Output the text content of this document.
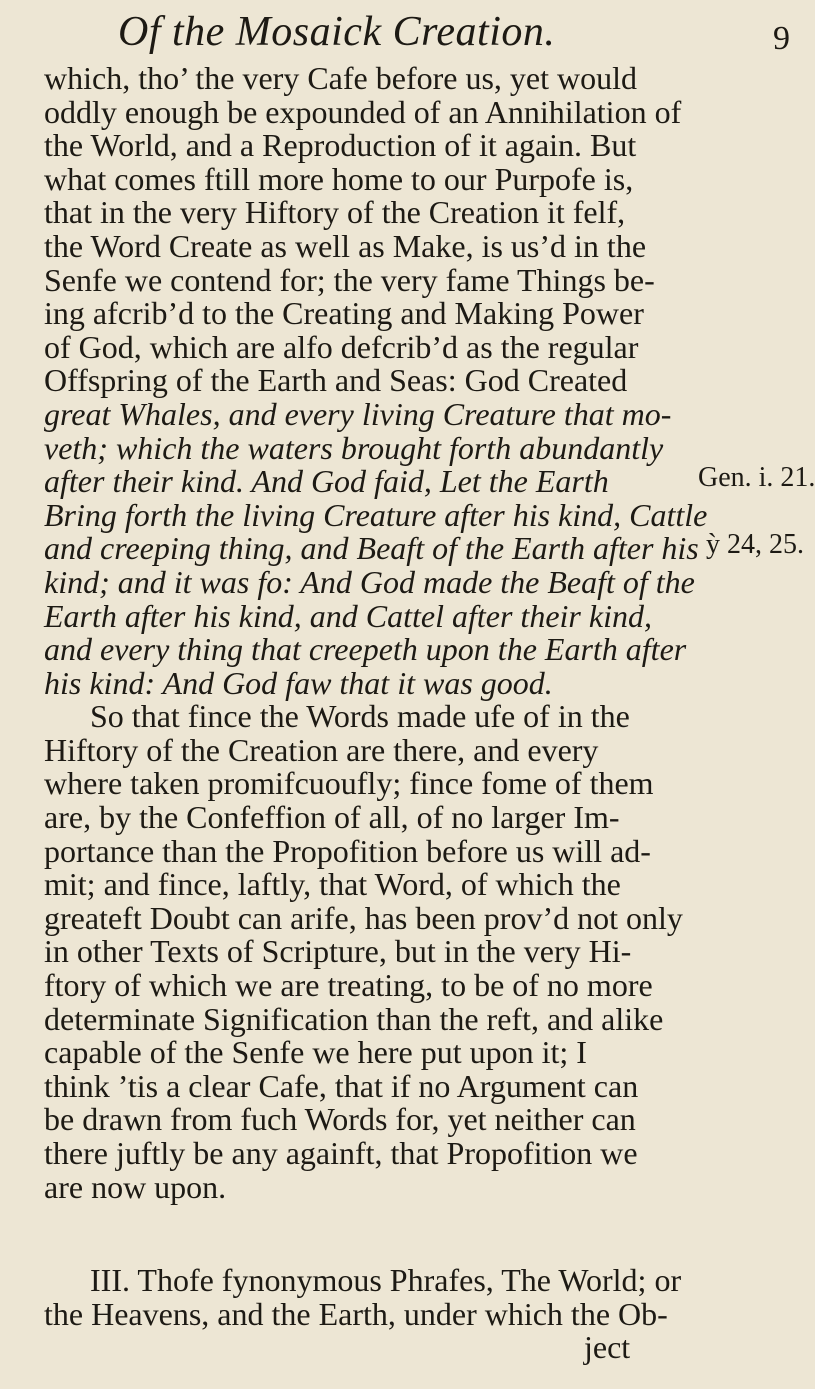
Of the Mosaick Creation.	9
which, tho’ the very Cafe before us, yet would
oddly enough be expounded of an Annihilation of
the World, and a Reproduction of it again. But
what comes ftill more home to our Purpofe is,
that in the very Hiftory of the Creation it felf,
the Word Create as well as Make, is us’d in the
Senfe we contend for; the very fame Things be-
ing afcrib’d to the Creating and Making Power
of God, which are alfo defcrib’d as the regular
Offspring of the Earth and Seas: God Created
great Whales, and every living Creature that mo-
veth; which the waters brought forth abundantly
after their kind. And God faid, Let the Earth
Bring forth the living Creature after his kind, Cattle
and creeping thing, and Beaft of the Earth after his
kind; and it was fo: And God made the Beaft of the
Earth after his kind, and Cattel after their kind,
and every thing that creepeth upon the Earth after
his kind: And God faw that it was good.
So that fince the Words made ufe of in the
Hiftory of the Creation are there, and every
where taken promifcuoufly; fince fome of them
are, by the Confeffion of all, of no larger Im-
portance than the Propofition before us will ad-
mit; and fince, laftly, that Word, of which the
greateft Doubt can arife, has been prov’d not only
in other Texts of Scripture, but in the very Hi-
ftory of which we are treating, to be of no more
determinate Signification than the reft, and alike
capable of the Senfe we here put upon it; I
think ’tis a clear Cafe, that if no Argument can
be drawn from fuch Words for, yet neither can
there juftly be any againft, that Propofition we
are now upon.
III. Thofe fynonymous Phrafes, The World; or
the Heavens, and the Earth, under which the Ob-
ject
Gen. i. 21.
ỳ 24, 25.
